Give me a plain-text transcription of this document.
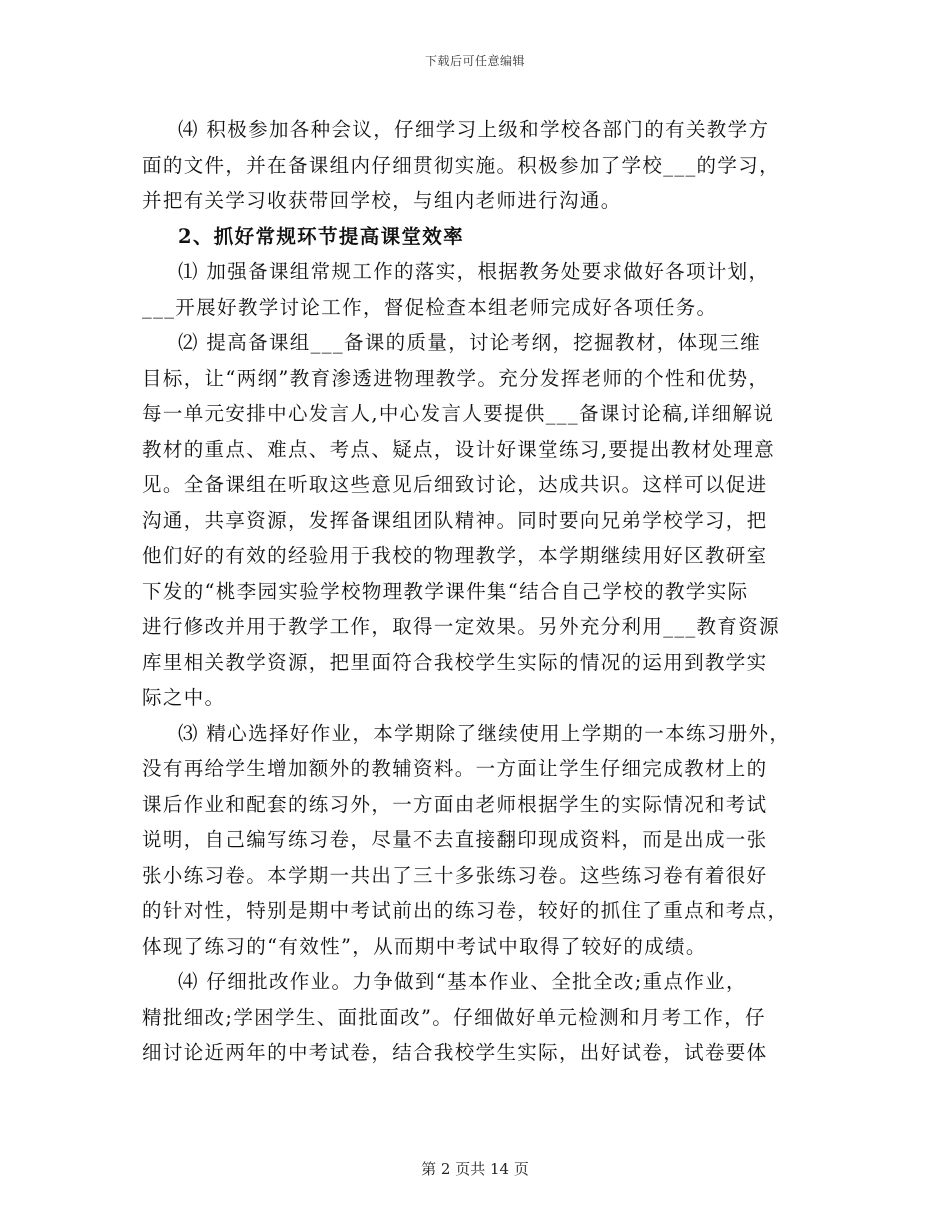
下载后可任意编辑
⑷ 积极参加各种会议，仔细学习上级和学校各部门的有关教学方
面的文件，并在备课组内仔细贯彻实施。积极参加了学校___的学习，
并把有关学习收获带回学校，与组内老师进行沟通。
2、抓好常规环节提高课堂效率
⑴ 加强备课组常规工作的落实，根据教务处要求做好各项计划，
___开展好教学讨论工作，督促检查本组老师完成好各项任务。
⑵ 提高备课组___备课的质量，讨论考纲，挖掘教材，体现三维
目标，让“两纲”教育渗透进物理教学。充分发挥老师的个性和优势，
每一单元安排中心发言人,中心发言人要提供___备课讨论稿,详细解说
教材的重点、难点、考点、疑点，设计好课堂练习,要提出教材处理意
见。全备课组在听取这些意见后细致讨论，达成共识。这样可以促进
沟通，共享资源，发挥备课组团队精神。同时要向兄弟学校学习，把
他们好的有效的经验用于我校的物理教学，本学期继续用好区教研室
下发的“桃李园实验学校物理教学课件集“结合自己学校的教学实际
进行修改并用于教学工作，取得一定效果。另外充分利用___教育资源
库里相关教学资源，把里面符合我校学生实际的情况的运用到教学实
际之中。
⑶ 精心选择好作业，本学期除了继续使用上学期的一本练习册外，
没有再给学生增加额外的教辅资料。一方面让学生仔细完成教材上的
课后作业和配套的练习外，一方面由老师根据学生的实际情况和考试
说明，自己编写练习卷，尽量不去直接翻印现成资料，而是出成一张
张小练习卷。本学期一共出了三十多张练习卷。这些练习卷有着很好
的针对性，特别是期中考试前出的练习卷，较好的抓住了重点和考点，
体现了练习的“有效性”，从而期中考试中取得了较好的成绩。
⑷ 仔细批改作业。力争做到“基本作业、全批全改;重点作业，
精批细改;学困学生、面批面改”。仔细做好单元检测和月考工作，仔
细讨论近两年的中考试卷，结合我校学生实际，出好试卷，试卷要体
第 2 页共 14 页
